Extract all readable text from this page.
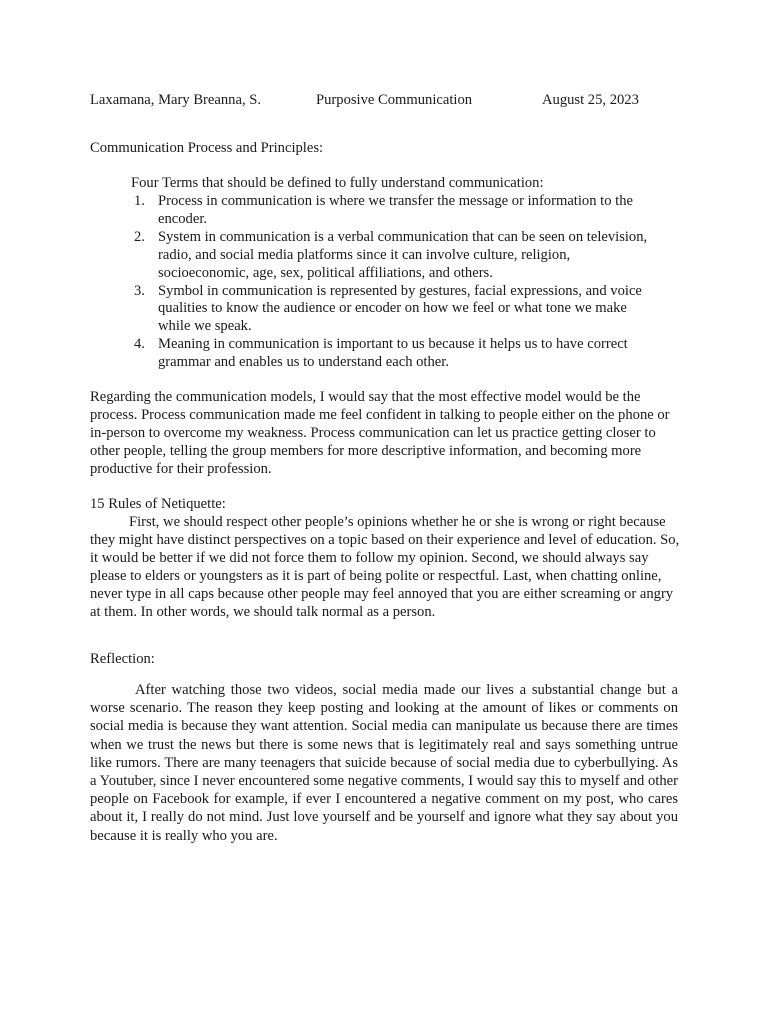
Laxamana, Mary Breanna, S.	Purposive Communication	August 25, 2023

Communication Process and Principles:

Four Terms that should be defined to fully understand communication:

1. Process in communication is where we transfer the message or information to the encoder.
2. System in communication is a verbal communication that can be seen on television, radio, and social media platforms since it can involve culture, religion, socioeconomic, age, sex, political affiliations, and others.
3. Symbol in communication is represented by gestures, facial expressions, and voice qualities to know the audience or encoder on how we feel or what tone we make while we speak.
4. Meaning in communication is important to us because it helps us to have correct grammar and enables us to understand each other.

Regarding the communication models, I would say that the most effective model would be the process. Process communication made me feel confident in talking to people either on the phone or in-person to overcome my weakness. Process communication can let us practice getting closer to other people, telling the group members for more descriptive information, and becoming more productive for their profession.

15 Rules of Netiquette:

First, we should respect other people’s opinions whether he or she is wrong or right because they might have distinct perspectives on a topic based on their experience and level of education. So, it would be better if we did not force them to follow my opinion. Second, we should always say please to elders or youngsters as it is part of being polite or respectful. Last, when chatting online, never type in all caps because other people may feel annoyed that you are either screaming or angry at them. In other words, we should talk normal as a person.

Reflection:

After watching those two videos, social media made our lives a substantial change but a worse scenario. The reason they keep posting and looking at the amount of likes or comments on social media is because they want attention. Social media can manipulate us because there are times when we trust the news but there is some news that is legitimately real and says something untrue like rumors. There are many teenagers that suicide because of social media due to cyberbullying. As a Youtuber, since I never encountered some negative comments, I would say this to myself and other people on Facebook for example, if ever I encountered a negative comment on my post, who cares about it, I really do not mind. Just love yourself and be yourself and ignore what they say about you because it is really who you are.
